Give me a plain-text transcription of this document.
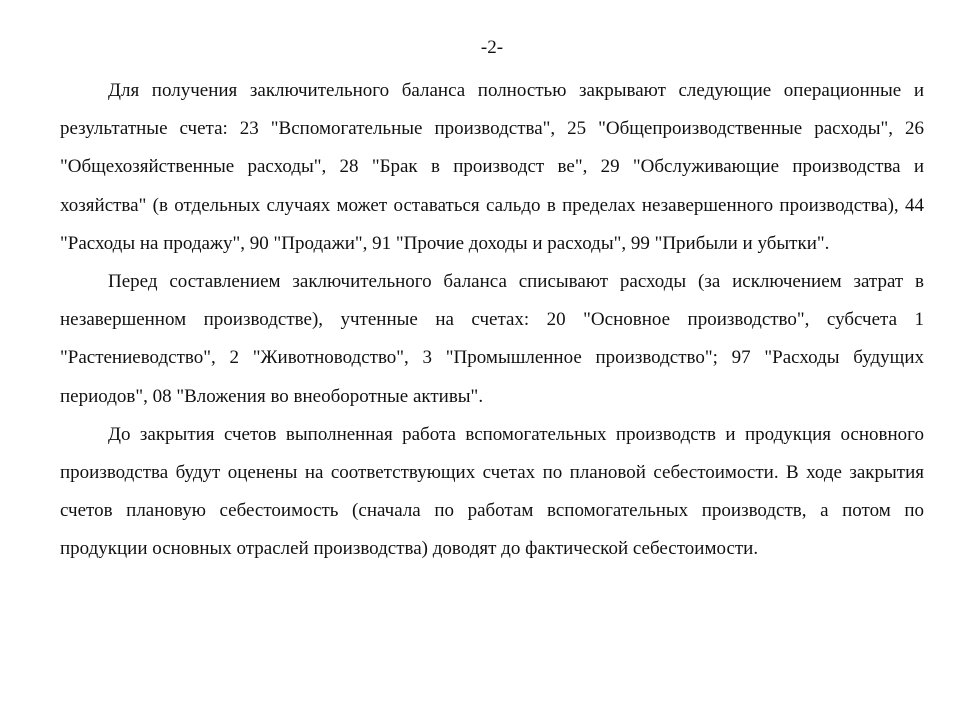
-2-

Для получения заключительного баланса полностью закрывают следующие операционные и результатные счета: 23 "Вспомогательные производства", 25 "Общепроизводственные расходы", 26 "Общехозяйственные расходы", 28 "Брак в производст ве", 29 "Обслуживающие производства и хозяйства" (в отдельных случаях может оставаться сальдо в пределах незавершенного производства), 44 "Расходы на продажу", 90 "Продажи", 91 "Прочие доходы и расходы", 99 "Прибыли и убытки".

Перед составлением заключительного баланса списывают расходы (за исключением затрат в незавершенном производстве), учтенные на счетах: 20 "Основное производство", субсчета 1 "Растениеводство", 2 "Животноводство", 3 "Промышленное производство"; 97 "Расходы будущих периодов", 08 "Вложения во внеоборотные активы".

До закрытия счетов выполненная работа вспомогательных производств и продукция основного производства будут оценены на соответствующих счетах по плановой себестоимости. В ходе закрытия счетов плановую себестоимость (сначала по работам вспомогательных производств, а потом по продукции основных отраслей производства) доводят до фактической себестоимости.
